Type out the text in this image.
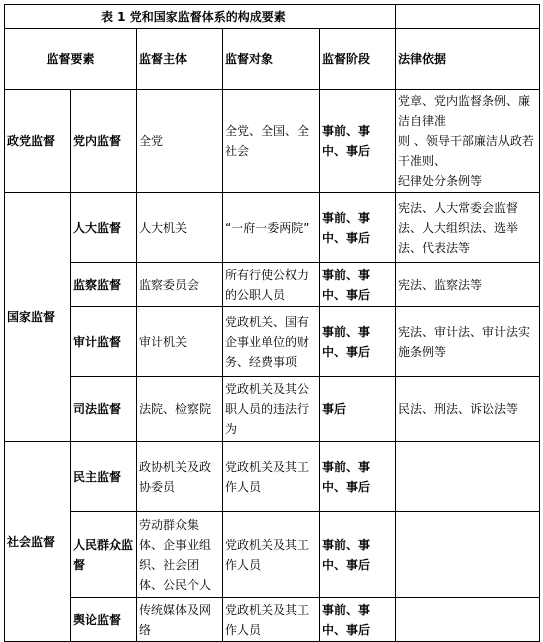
表 1 党和国家监督体系的构成要素					
监督要素		监督主体	监督对象	监督阶段	法律依据
政党监督	党内监督	全党	全党、全国、全社会	事前、事中、事后	党章、党内监督条例、廉洁自律准
则 、领导干部廉洁从政若干准则、
纪律处分条例等
国家监督	人大监督	人大机关	“一府一委两院”	事前、事中、事后	宪法、人大常委会监督法、人大组织法、选举法、代表法等
	监察监督	监察委员会	所有行使公权力的公职人员	事前、事中、事后	宪法、监察法等
	审计监督	审计机关	党政机关、国有企事业单位的财务、经费事项	事前、事中、事后	宪法、审计法、审计法实施条例等
	司法监督	法院、检察院	党政机关及其公职人员的违法行为	事后	民法、刑法、诉讼法等
社会监督	民主监督	政协机关及政协委员	党政机关及其工作人员	事前、事中、事后	
	人民群众监督	劳动群众集体、企事业组织、社会团体、公民个人	党政机关及其工作人员	事前、事中、事后	
	舆论监督	传统媒体及网络	党政机关及其工作人员	事前、事中、事后	
